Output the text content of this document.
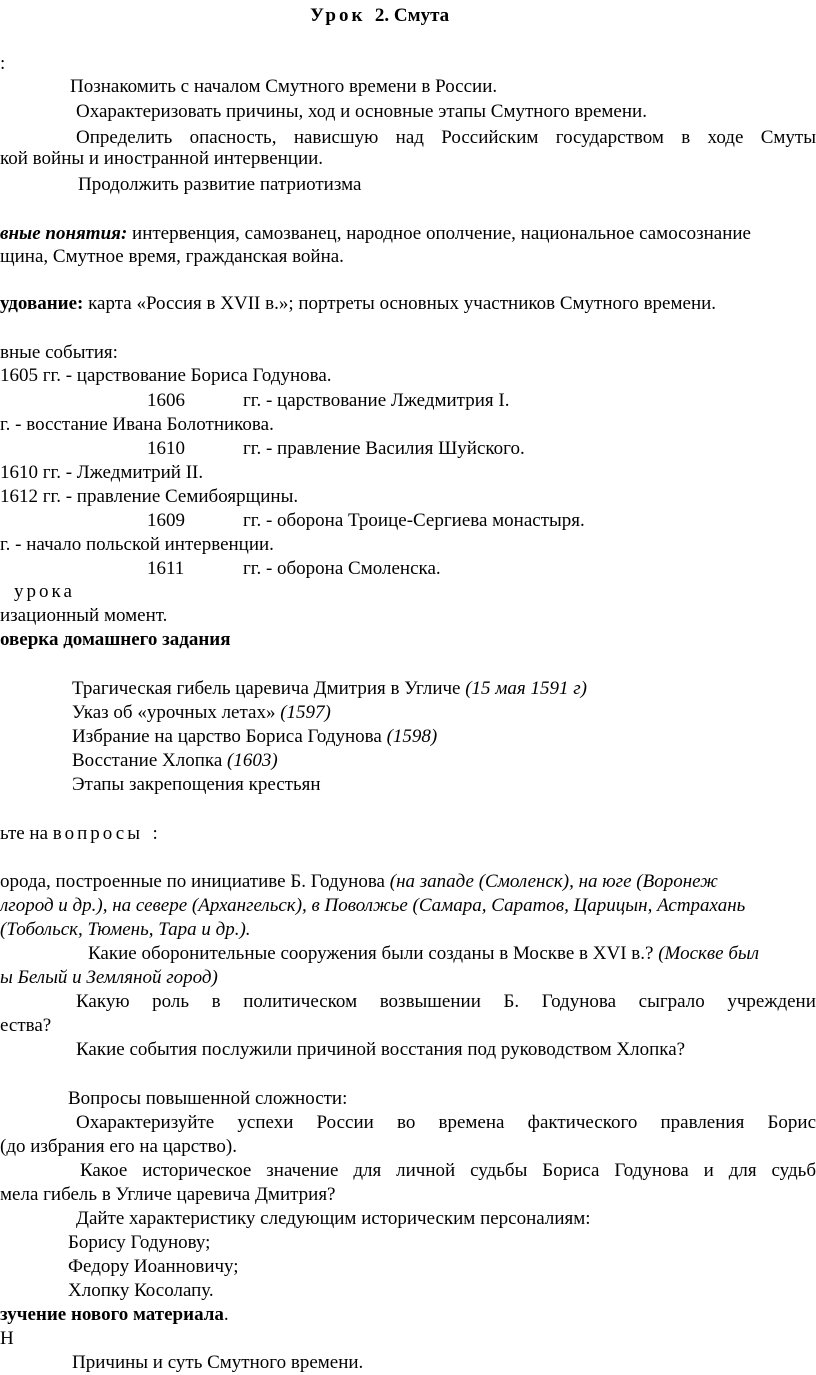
Урок 2. Смута
:
Познакомить с началом Смутного времени в России.
Охарактеризовать причины, ход и основные этапы Смутного времени.
Определить опасность, нависшую над Российским государством в ходе Смуты
кой войны и иностранной интервенции.
Продолжить развитие патриотизма
вные понятия: интервенция, самозванец, народное ополчение, национальное самосознание
щина, Смутное время, гражданская война.
удование: карта «Россия в XVII в.»; портреты основных участников Смутного времени.
вные события:
1605 гг. - царствование Бориса Годунова.
1606	гг. - царствование Лжедмитрия I.
г. - восстание Ивана Болотникова.
1610	гг. - правление Василия Шуйского.
1610 гг. - Лжедмитрий II.
1612 гг. - правление Семибоярщины.
1609	гг. - оборона Троице-Сергиева монастыря.
г. - начало польской интервенции.
1611	гг. - оборона Смоленска.
урока
изационный момент.
оверка домашнего задания
Трагическая гибель царевича Дмитрия в Угличе (15 мая 1591 г)
Указ об «урочных летах» (1597)
Избрание на царство Бориса Годунова (1598)
Восстание Хлопка (1603)
Этапы закрепощения крестьян
ьте на вопросы :
орода, построенные по инициативе Б. Годунова (на западе (Смоленск), на юге (Воронеж
лгород и др.), на севере (Архангельск), в Поволжье (Самара, Саратов, Царицын, Астрахань
(Тобольск, Тюмень, Тара и др.).
Какие оборонительные сооружения были созданы в Москве в XVI в.? (Москве был
ы Белый и Земляной город)
Какую роль в политическом возвышении Б. Годунова сыграло учреждени
ества?
Какие события послужили причиной восстания под руководством Хлопка?
Вопросы повышенной сложности:
Охарактеризуйте успехи России во времена фактического правления Борис
(до избрания его на царство).
Какое историческое значение для личной судьбы Бориса Годунова и для судьб
мела гибель в Угличе царевича Дмитрия?
Дайте характеристику следующим историческим персоналиям:
Борису Годунову;
Федору Иоанновичу;
Хлопку Косолапу.
зучение нового материала.
Н
Причины и суть Смутного времени.
